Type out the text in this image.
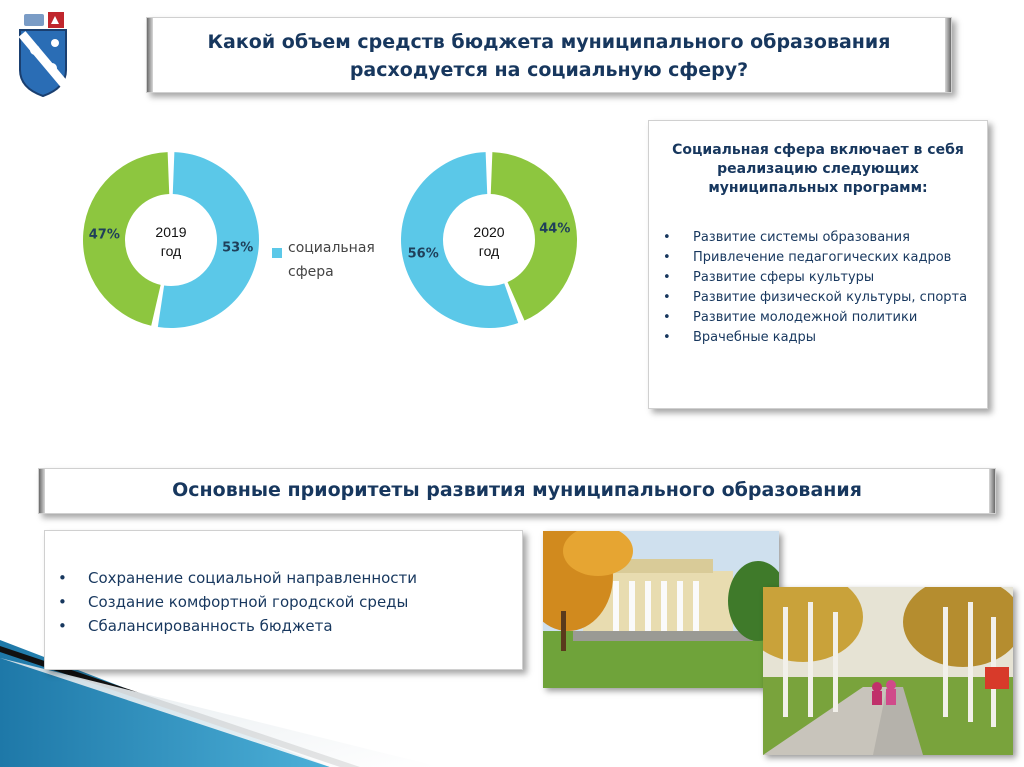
Какой объем средств бюджета муниципального образования расходуется на социальную сферу?
53%
47%	2019
год	социальная сфера
56%
44%
2020
год
Социальная сфера включает в себя реализацию следующих муниципальных программ:
• Развитие системы образования
• Привлечение педагогических кадров
• Развитие сферы культуры
• Развитие физической культуры, спорта
• Развитие молодежной политики
• Врачебные кадры
Основные приоритеты развития муниципального образования
• Сохранение социальной направленности
• Создание комфортной городской среды
• Сбалансированность бюджета
